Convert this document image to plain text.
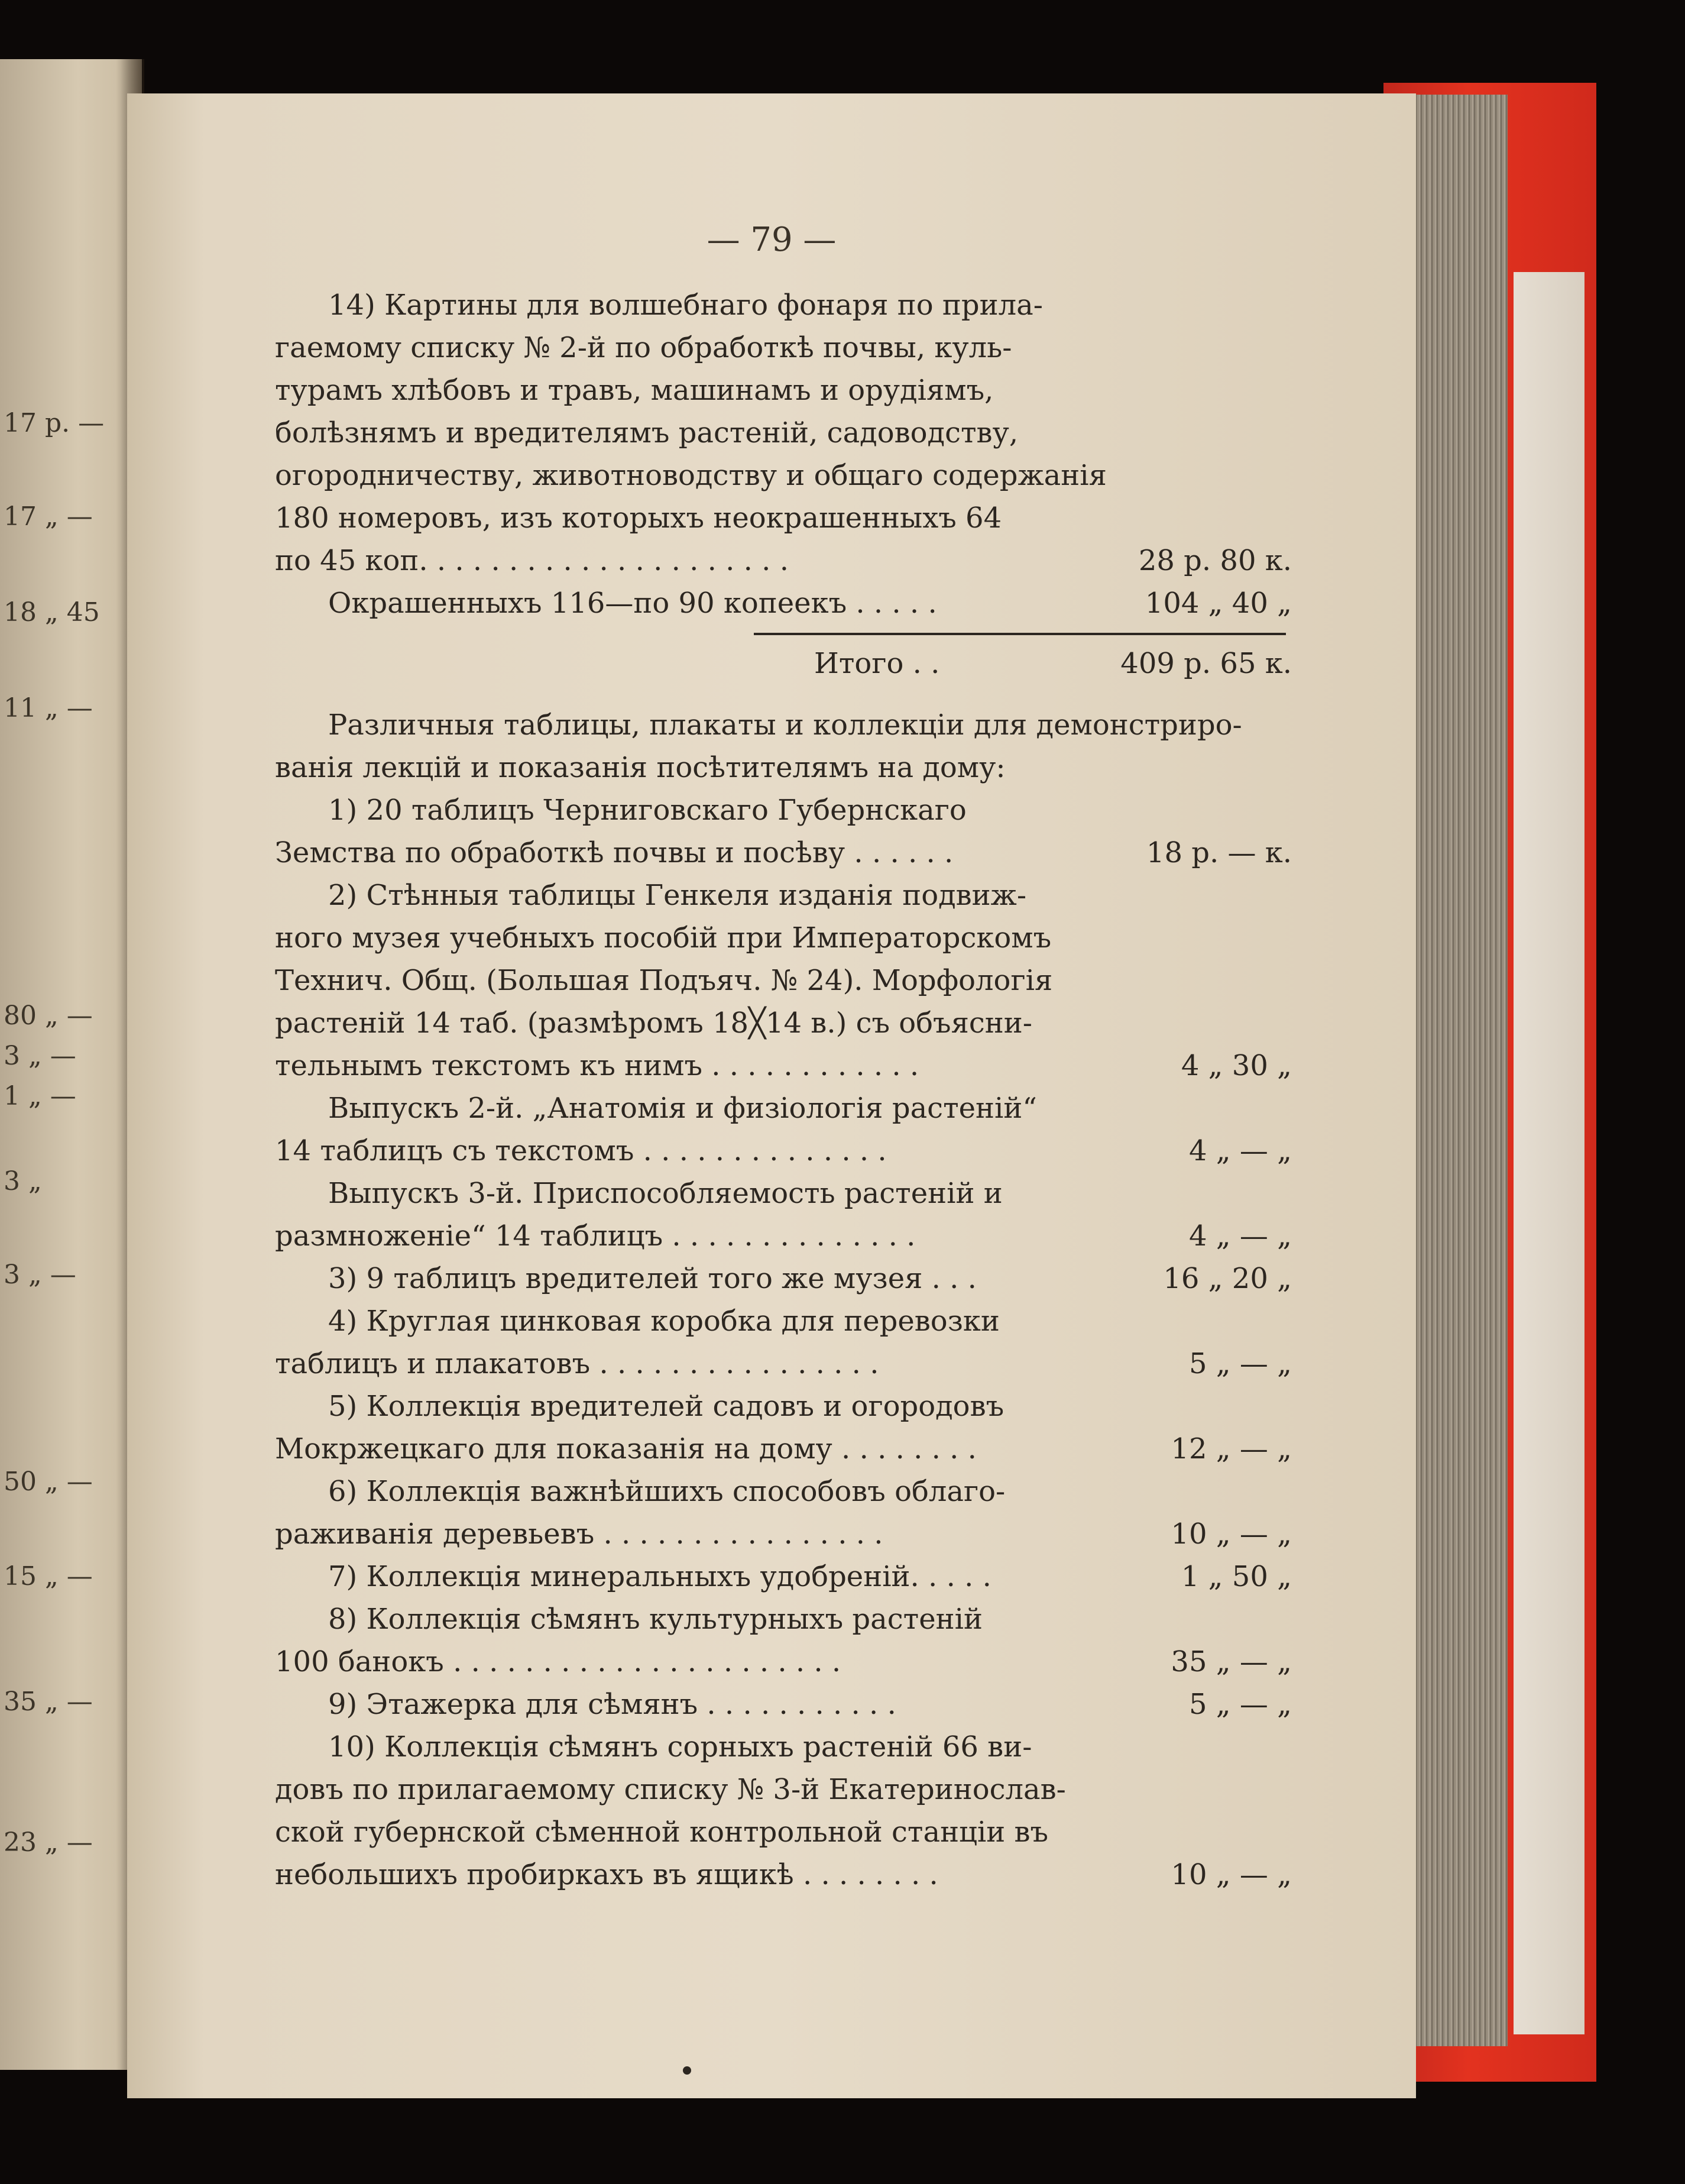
17 р. —
17 „ —
18 „ 45
11 „ —
80 „ —
3 „ —
1 „ —
3 „
3 „ —
50 „ —
15 „ —
35 „ —
23 „ —
— 79 —
14) Картины для волшебнаго фонаря по прила-
гаемому списку № 2-й по обработкѣ почвы, куль-
турамъ хлѣбовъ и травъ, машинамъ и орудіямъ,
болѣзнямъ и вредителямъ растеній, садоводству,
огородничеству, животноводству и общаго содержанія
180 номеровъ, изъ которыхъ неокрашенныхъ 64
по 45 коп. . . . . . . . . . . . . . . . . . . . .	28 р. 80 к.
Окрашенныхъ 116—по 90 копеекъ . . . . .	104 „ 40 „
Итого . .	409 р. 65 к.
Различныя таблицы, плакаты и коллекціи для демонстриро-
ванія лекцій и показанія посѣтителямъ на дому:
1) 20 таблицъ Черниговскаго Губернскаго
Земства по обработкѣ почвы и посѣву . . . . . .	18 р. — к.
2) Стѣнныя таблицы Генкеля изданія подвиж-
ного музея учебныхъ пособій при Императорскомъ
Технич. Общ. (Большая Подъяч. № 24). Морфологія
растеній 14 таб. (размѣромъ 18╳14 в.) съ объясни-
тельнымъ текстомъ къ нимъ . . . . . . . . . . . .	4 „ 30 „
Выпускъ 2-й. „Анатомія и физіологія растеній“
14 таблицъ съ текстомъ . . . . . . . . . . . . . .	4 „ — „
Выпускъ 3-й. Приспособляемость растеній и
размноженіе“ 14 таблицъ . . . . . . . . . . . . . .	4 „ — „
3) 9 таблицъ вредителей того же музея . . .	16 „ 20 „
4) Круглая цинковая коробка для перевозки
таблицъ и плакатовъ . . . . . . . . . . . . . . . .	5 „ — „
5) Коллекція вредителей садовъ и огородовъ
Мокржецкаго для показанія на дому . . . . . . . .	12 „ — „
6) Коллекція важнѣйшихъ способовъ облаго-
раживанія деревьевъ . . . . . . . . . . . . . . . .	10 „ — „
7) Коллекція минеральныхъ удобреній. . . . .	1 „ 50 „
8) Коллекція сѣмянъ культурныхъ растеній
100 банокъ . . . . . . . . . . . . . . . . . . . . . .	35 „ — „
9) Этажерка для сѣмянъ . . . . . . . . . . .	5 „ — „
10) Коллекція сѣмянъ сорныхъ растеній 66 ви-
довъ по прилагаемому списку № 3-й Екатеринослав-
ской губернской сѣменной контрольной станціи въ
небольшихъ пробиркахъ въ ящикѣ . . . . . . . .	10 „ — „
